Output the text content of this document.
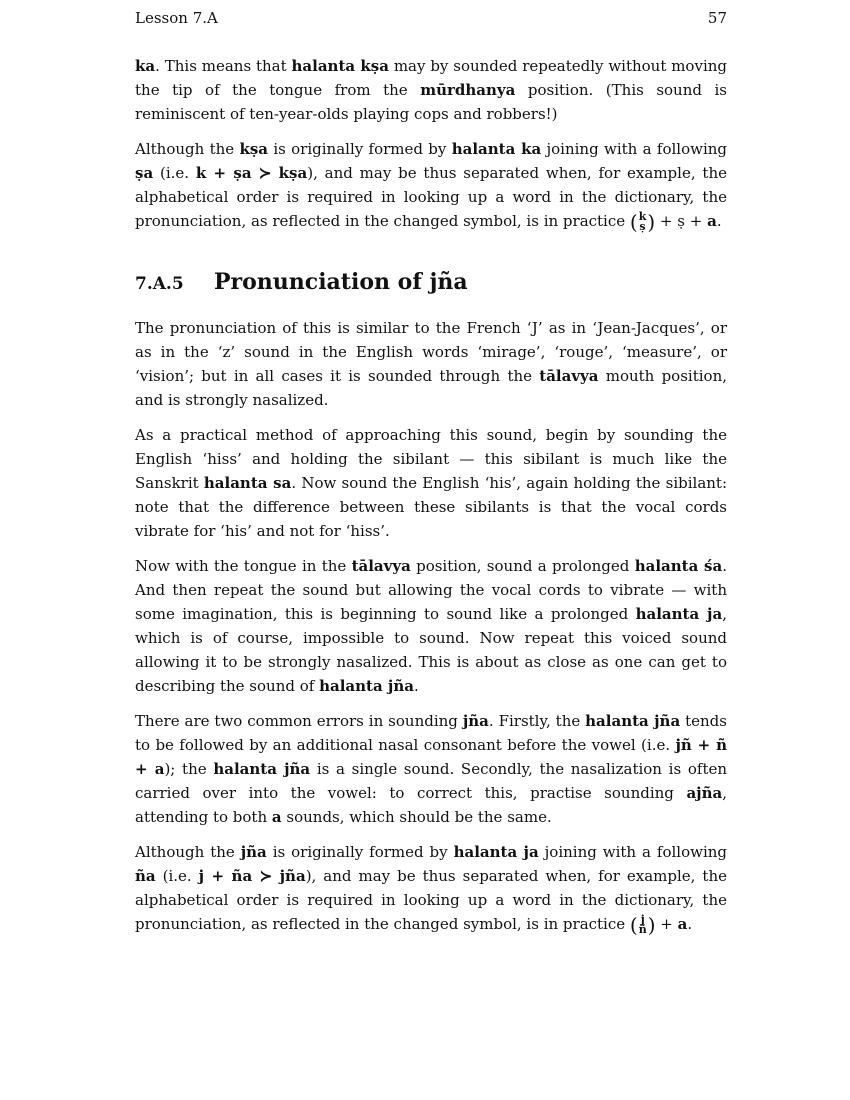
Lesson 7.A	57

ka. This means that halanta kṣa may by sounded repeatedly without moving the tip of the tongue from the mūrdhanya position. (This sound is reminiscent of ten-year-olds playing cops and robbers!)

Although the kṣa is originally formed by halanta ka joining with a following ṣa (i.e. k + ṣa ≻ kṣa), and may be thus separated when, for example, the alphabetical order is required in looking up a word in the dictionary, the pronunciation, as reflected in the changed symbol, is in practice ( k
ṣ ) + ṣ + a.

7.A.5 Pronunciation of jña

The pronunciation of this is similar to the French ‘J’ as in ‘Jean-Jacques’, or as in the ‘z’ sound in the English words ‘mirage’, ‘rouge’, ‘measure’, or ‘vision’; but in all cases it is sounded through the tālavya mouth position, and is strongly nasalized.

As a practical method of approaching this sound, begin by sounding the English ‘hiss’ and holding the sibilant — this sibilant is much like the Sanskrit halanta sa. Now sound the English ‘his’, again holding the sibilant: note that the difference between these sibilants is that the vocal cords vibrate for ‘his’ and not for ‘hiss’.

Now with the tongue in the tālavya position, sound a prolonged halanta śa. And then repeat the sound but allowing the vocal cords to vibrate — with some imagination, this is beginning to sound like a prolonged halanta ja, which is of course, impossible to sound. Now repeat this voiced sound allowing it to be strongly nasalized. This is about as close as one can get to describing the sound of halanta jña.

There are two common errors in sounding jña. Firstly, the halanta jña tends to be followed by an additional nasal consonant before the vowel (i.e. jñ + ñ + a); the halanta jña is a single sound. Secondly, the nasalization is often carried over into the vowel: to correct this, practise sounding ajña, attending to both a sounds, which should be the same.

Although the jña is originally formed by halanta ja joining with a following ña (i.e. j + ña ≻ jña), and may be thus separated when, for example, the alphabetical order is required in looking up a word in the dictionary, the pronunciation, as reflected in the changed symbol, is in practice ( j
ñ ) + a.
